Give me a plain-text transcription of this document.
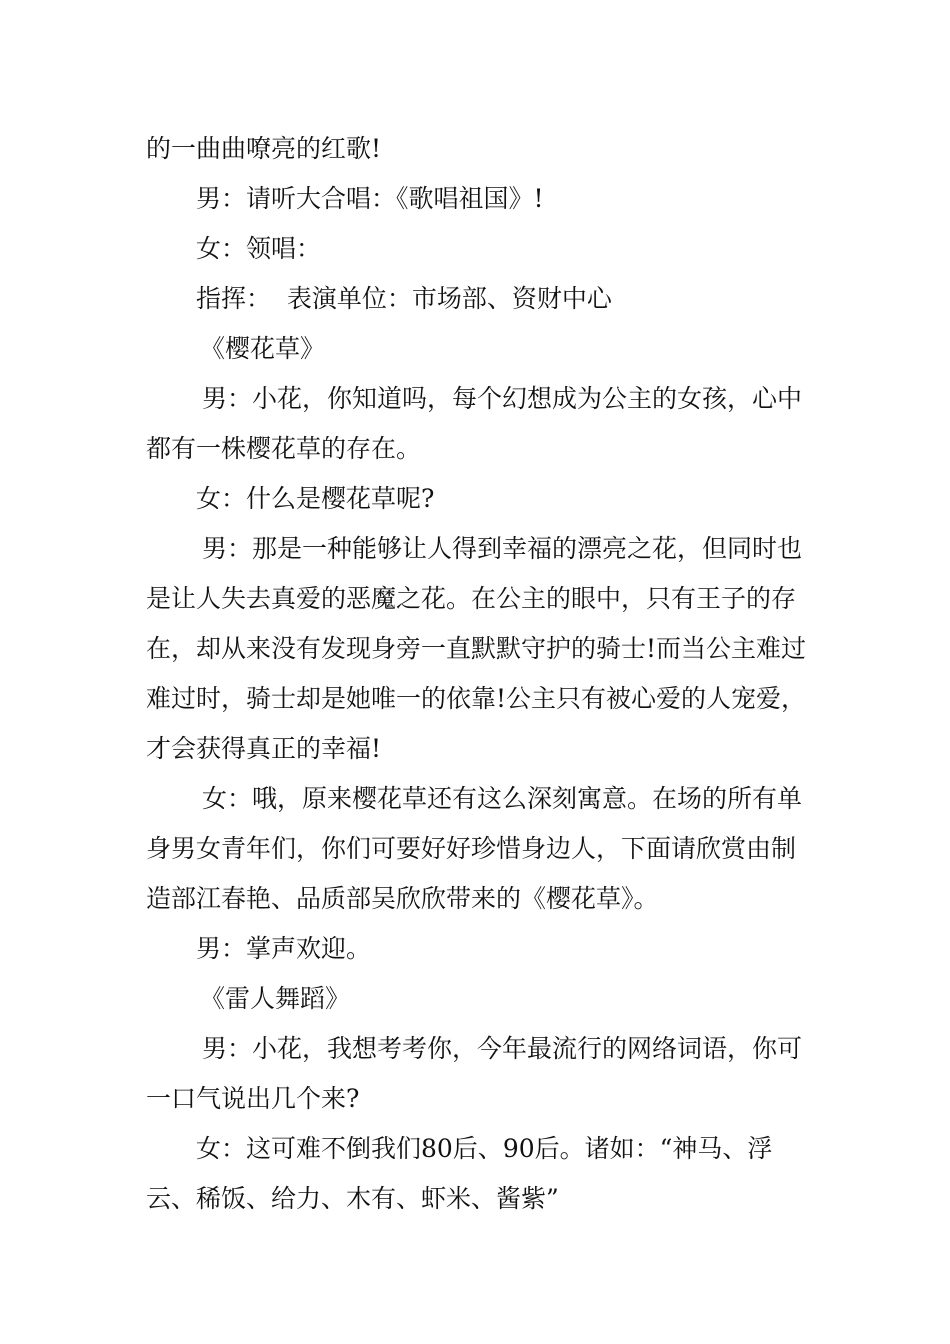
的一曲曲嘹亮的红歌!

男：请听大合唱：《歌唱祖国》!

女：领唱：

指挥：  表演单位：市场部、资财中心

《樱花草》

男：小花，你知道吗，每个幻想成为公主的女孩，心中都有一株樱花草的存在。

女：什么是樱花草呢?

男：那是一种能够让人得到幸福的漂亮之花，但同时也是让人失去真爱的恶魔之花。在公主的眼中，只有王子的存在，却从来没有发现身旁一直默默守护的骑士!而当公主难过难过时，骑士却是她唯一的依靠!公主只有被心爱的人宠爱，才会获得真正的幸福!

女：哦，原来樱花草还有这么深刻寓意。在场的所有单身男女青年们，你们可要好好珍惜身边人，下面请欣赏由制造部江春艳、品质部吴欣欣带来的《樱花草》。

男：掌声欢迎。

《雷人舞蹈》

男：小花，我想考考你，今年最流行的网络词语，你可一口气说出几个来?

女：这可难不倒我们80后、90后。诸如：“神马、浮云、稀饭、给力、木有、虾米、酱紫”
